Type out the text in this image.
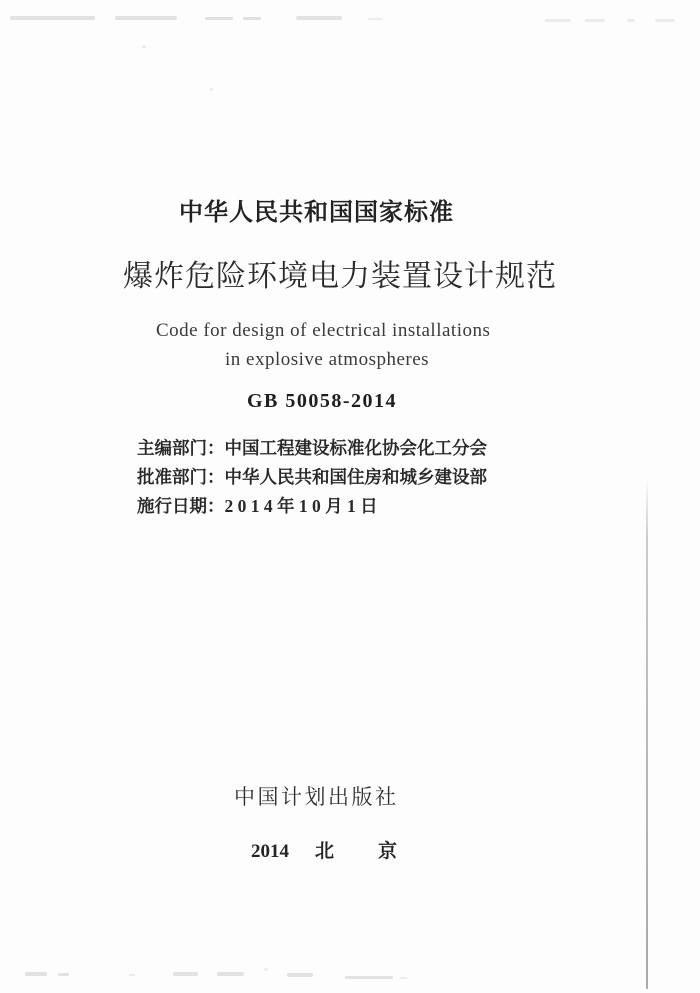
中华人民共和国国家标准
爆炸危险环境电力装置设计规范
Code for design of electrical installations
in explosive atmospheres
GB 50058-2014
主编部门：中国工程建设标准化协会化工分会
批准部门：中华人民共和国住房和城乡建设部
施行日期：2 0 1 4 年 1 0 月 1 日
中国计划出版社
2014 北　　京
